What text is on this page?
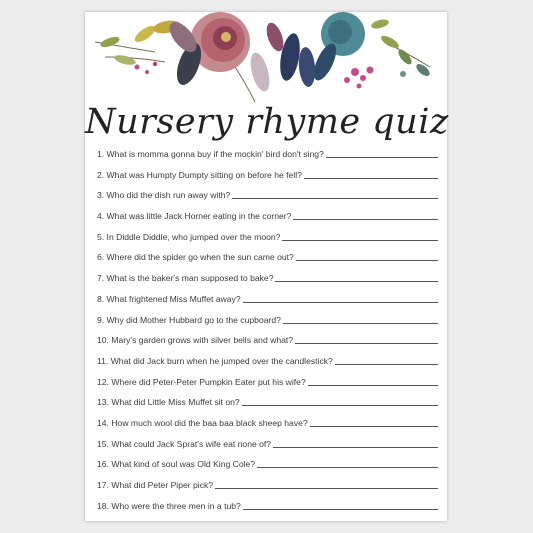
Nursery rhyme quiz
1. What is momma gonna buy if the mockin' bird don't sing?
2. What was Humpty Dumpty sitting on before he fell?
3. Who did the dish run away with?
4. What was little Jack Horner eating in the corner?
5. In Diddle Diddle, who jumped over the moon?
6. Where did the spider go when the sun came out?
7. What is the baker's man supposed to bake?
8. What frightened Miss Muffet away?
9. Why did Mother Hubbard go to the cupboard?
10. Mary's garden grows with silver bells and what?
11. What did Jack burn when he jumped over the candlestick?
12. Where did Peter-Peter Pumpkin Eater put his wife?
13. What did Little Miss Muffet sit on?
14. How much wool did the baa baa black sheep have?
15. What could Jack Sprat's wife eat none of?
16. What kind of soul was Old King Cole?
17. What did Peter Piper pick?
18. Who were the three men in a tub?
